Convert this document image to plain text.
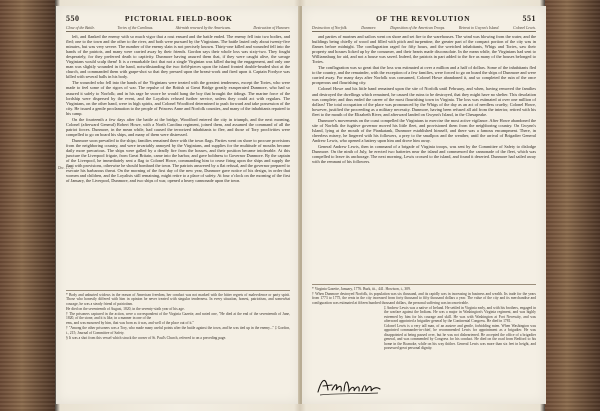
550	PICTORIAL FIELD-BOOK
Close of the Battle.	Tories of the Carolinas.	Skirmish renewed by the Americans.	Destruction of Hanover.

left, and flanked the enemy with so much vigor that a rout ensued and the battle ended. The enemy fell into two bodies, and fled; one to the town and the other to the river, and both were pursued by the Virginians. The battle lasted only about twenty-five minutes, but was very severe. The number of the enemy slain is not precisely known. Thirty-one killed and wounded fell into the hands of the patriots, and many were carried away by their friends. Gordon says their whole loss was sixty-two. They fought desperately, for they preferred death to captivity. Dunmore having assured them that, if they were caught alive, the savage Virginians would scalp them! It is a remarkable fact that not a single Virginian was killed during the engagement, and only one man was slightly wounded in the hand, notwithstanding the two field-pieces upon the island fronted double-headed shot at the church, and commanded them with grape-shot so that they pressed upon the breast-work and fired upon it. Captain Fordyce was killed with several balls in his body.

The wounded who fell into the hands of the Virginians were treated with the greatest tenderness, except the Tories, who were made to feel some of the rigors of war. The repulse of the British at Great Bridge greatly exasperated Dunmore, who had so assured it safely to Norfolk; and in his rage he swore he would hang the boy that brought the tidings. The marine force of the lordship were dispersed by the event, and the Loyalists refused further service, unless they could act with regulars. The Virginians, on the other hand, were in high spirits, and Colonel Woodford determined to push forward and take possession of the city. He issued a gentle proclamation to the people of Princess Anne and Norfolk counties, and many of the inhabitants repaired to his camp.

On the fourteenth a few days after the battle at the bridge, Woodford entered the city in triumph, and the next morning, Colonel (afterward General) Robert Howe, with a North Carolina regiment, joined them, and assumed the command of all the patriot forces. Dunmore, in the mean while, had caused the terrorized inhabitants to flee, and those of Tory proclivities were compelled to go on board his ships, and many of them were distressed.

Dunmore soon prevailed to the ships; families remained there with the town flags. Parties went on shore to procure provisions from the neighboring country, and were invariably annoyed by the Virginians, and supplies for the multitude of mouths became daily more precarious. The ships were galled by a deadly fire from the houses, and their position became intolerable. At this juncture the Liverpool frigate, from Great Britain, came into the harbor, and gave boldness to Governor Dunmore. By the captain of the Liverpool, he immediately sent a flag to Colonel Howe, commanding him to cease firing upon the ships and supply the fleet with provisions, otherwise he should bombard the town. The patriots answered by a flat refusal, and the governor prepared to execute his barbarous threat. On the morning of the first day of the new year, Dunmore gave notice of his design, in order that women and children, and the Loyalists still remaining, might retire to a place of safety. At four o'clock on the morning of the first of January, the Liverpool, Dunmore, and two ships of war, opened a heavy cannonade upon the town.

Dec. 1775.

* Body and unburied widows in the reason of American freedom, her conduct was not marked with the bitter regrets of malevolence or party spirit. Those who honestly differed with him in opinion he never treated with singular tenderness. In every situation, honest, patriotism, and somewhat courage, he was a steady friend of patriotism.

He died on the seventeenth of August, 1820, in the seventy-sixth year of his age.

† The prisoners captured in the action, were a correspondent of the Virginia Gazette, and noted one, "He died at the end of the seventeenth of June, 1820, of the stone, and it is like, in a manner in one of the

ems, and was mourned by him, that was born as it was, and well of the place out of it."

† "Among the other prisoners was a Tory, who made many useful points after the battle against the town, and he was tied up in the enemy..." ‡ Gordon, i., 215; Journal of Committee of Safety.

§ It was a shot from this vessel which struck the corner of St. Paul's Church, referred to on a preceding page.

OF THE REVOLUTION	551
Destruction of Norfolk.	Dunmore.	Disposition of the American Troops.	Retreat to Gwynn's Island.	Colonel Lewis.

and parties of marines and sailors went on shore and set fire to the warehouses. The wind was blowing from the water, and the buildings being chiefly of wood and filled with pitch and turpentine, the greater part of the compact portion of the city was in flames before midnight. The conflagration raged for fifty hours, and the wretched inhabitants, Whigs and Tories, saw their property and houses licked up by the consumer, and their hearts made disconsolate. In the mean while, the Virginians had sent to Williamsburg for aid, and not a house was saved. Indeed, the patriots in part added to the fire as many of the houses belonged to Tories.

The conflagration was so great that the loss was estimated at over a million and a half of dollars. Some of the inhabitants fled to the country, and the remainder, with the exception of a few families, were forced to go on board the ships of Dunmore and were carried away. For many days after Norfolk was consumed, Colonel Howe abandoned it, and so completed the ruin of the once prosperous and flourishing city.

Colonel Howe and his little band remained upon the site of Norfolk until February, and when, having removed the families and destroyed the dwellings which remained, he caused the ruins to be destroyed, that they might have no shelter. This desolation was complete; and thus ended the career of the most flourishing town in Virginia. The loss was estimated at over one million of dollars! The total occupation of the place was pronounced by the Whigs of the day as an act of needless cruelty; Colonel Howe, however, justified the proceeding as a military necessity. Dunmore, having been refused all aid from the interior, retired with his fleet to the mouth of the Elizabeth River, and afterward landed on Gwynn's Island, in the Chesapeake.

Dunmore's movements on the coast compelled the Virginians to exercise the most active vigilance. After Howe abandoned the site of Norfolk the fugitive governor moved his little fleet, and provisioned them from the neighboring country. On Gwynn's Island, lying at the mouth of the Piankatank, Dunmore established himself, and there was a famous encampment. There, in cheerless misery, he lingered with his followers, a prey to the smallpox and the weather, until the arrival of Brigadier General Andrew Lewis, who opened a battery upon him and drove him away.

General Andrew Lewis, then in command of a brigade of Virginia troops, was sent by the Committee of Safety to dislodge Dunmore. On the ninth of July, he erected two batteries near the island and commenced the cannonade of the fleet, which was compelled to leave its anchorage. The next morning, Lewis crossed to the island, and found it deserted. Dunmore had sailed away with the remnant of his followers.

* Virginia Gazette, January, 1776. Burk, iii., 441. Howison, i., 309.

† When Dunmore destroyed Norfolk, its population was six thousand, and its rapidly was in increasing in business and wealth. Its trade for the years from 1773 to 1775, the rents in the city increased from forty thousand to fifty thousand dollars a year. The value of the city and its merchandise and configuration was estimated at fifteen hundred thousand dollars, the personal suffering was inconceivable.

‡ Andrew Lewis was a native of Ireland. He settled in Virginia early, and with his brothers, engaged in the warfare against the Indians. He was a major in Washington's Virginia regiment, and was highly esteemed by him for his courage and skill. He was with Washington at Fort Necessity, and was afterward appointed a brigadier general by the Continental Congress. He died in 1781.

Colonel Lewis is a very tall man, of an austere and gentle, forbidding mien. When Washington was appointed commander-in-chief, he recommended Lewis for appointment as a brigadier. He was disappointed at being passed over, but he was not disheartened. He accepted the office of a brigadier general, and was commended by Congress for his conduct. He died on the road from Bedford to his home in the Roanoke, while on his way thither. General Lewis was more than six feet in height, and possessed great personal dignity.
